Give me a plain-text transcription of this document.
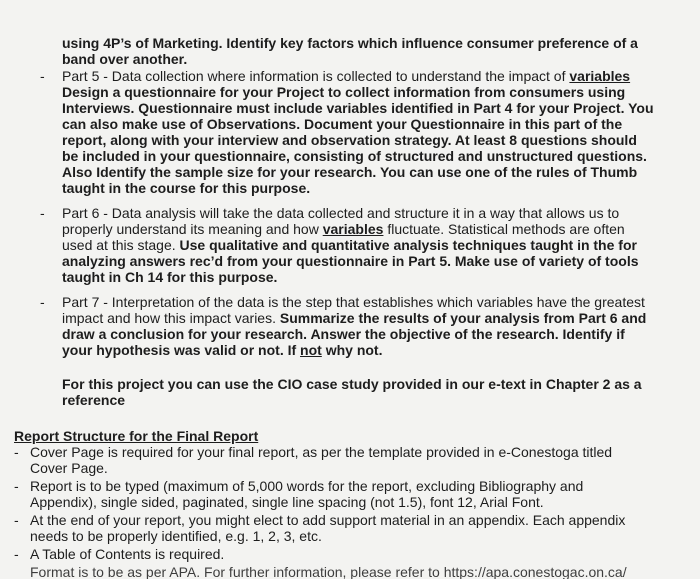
using 4P’s of Marketing. Identify key factors which influence consumer preference of a
band over another.
- Part 5 - Data collection where information is collected to understand the impact of variables
Design a questionnaire for your Project to collect information from consumers using
Interviews. Questionnaire must include variables identified in Part 4 for your Project. You
can also make use of Observations. Document your Questionnaire in this part of the
report, along with your interview and observation strategy. At least 8 questions should
be included in your questionnaire, consisting of structured and unstructured questions.
Also Identify the sample size for your research. You can use one of the rules of Thumb
taught in the course for this purpose.
- Part 6 - Data analysis will take the data collected and structure it in a way that allows us to
properly understand its meaning and how variables fluctuate. Statistical methods are often
used at this stage. Use qualitative and quantitative analysis techniques taught in the for
analyzing answers rec’d from your questionnaire in Part 5. Make use of variety of tools
taught in Ch 14 for this purpose.
- Part 7 - Interpretation of the data is the step that establishes which variables have the greatest
impact and how this impact varies. Summarize the results of your analysis from Part 6 and
draw a conclusion for your research. Answer the objective of the research. Identify if
your hypothesis was valid or not. If not why not.
For this project you can use the CIO case study provided in our e-text in Chapter 2 as a
reference
Report Structure for the Final Report
- Cover Page is required for your final report, as per the template provided in e-Conestoga titled
Cover Page.
- Report is to be typed (maximum of 5,000 words for the report, excluding Bibliography and
Appendix), single sided, paginated, single line spacing (not 1.5), font 12, Arial Font.
- At the end of your report, you might elect to add support material in an appendix. Each appendix
needs to be properly identified, e.g. 1, 2, 3, etc.
- A Table of Contents is required.
Format is to be as per APA. For further information, please refer to https://apa.conestogac.on.ca/
